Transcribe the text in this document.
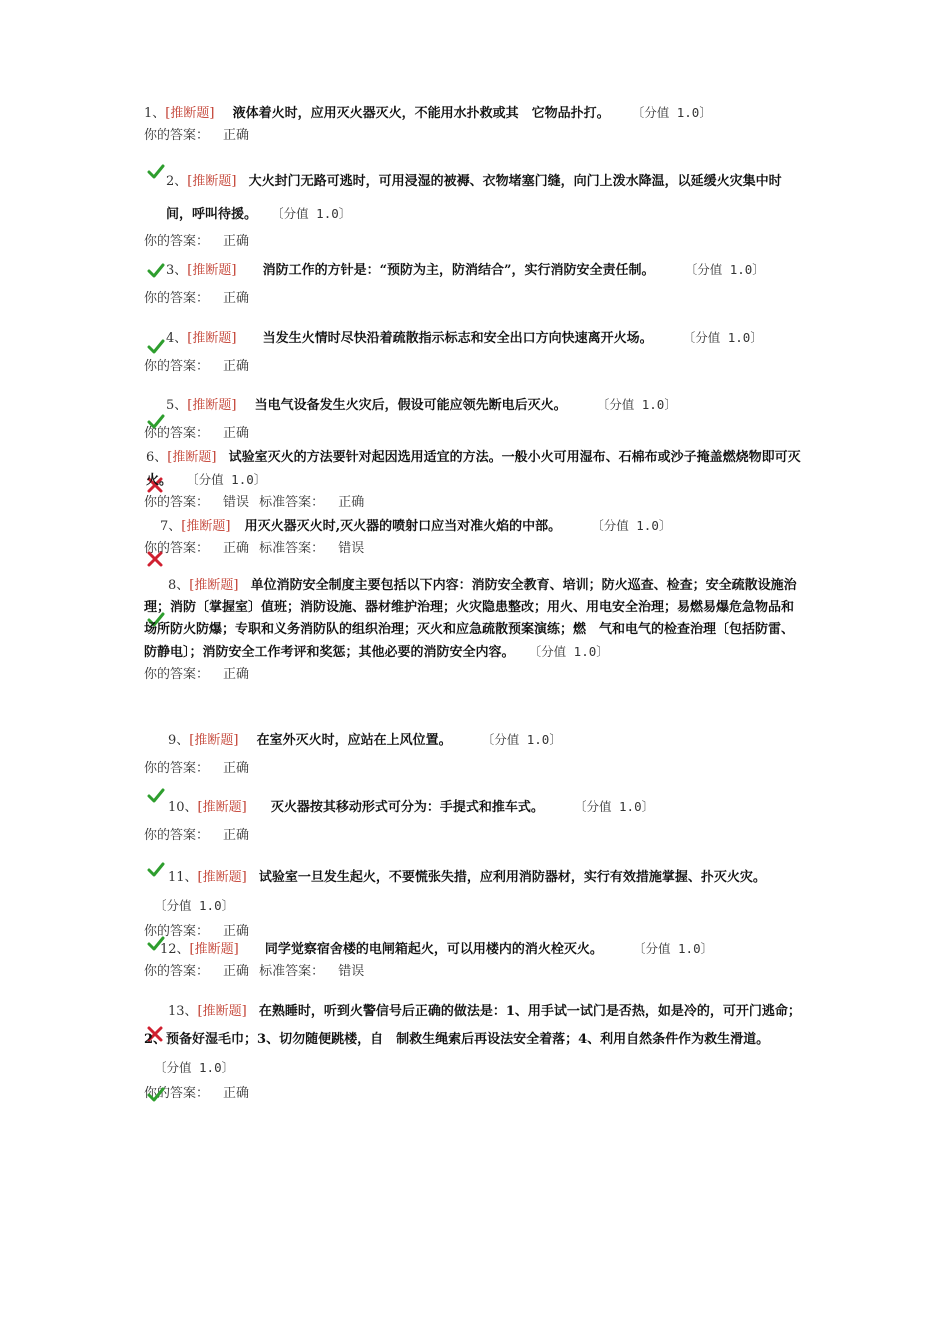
1、[推断题] 液体着火时，应用灭火器灭火，不能用水扑救或其　它物品扑打。 〔分值 1.0〕
你的答案： 正确
2、[推断题] 大火封门无路可逃时，可用浸湿的被褥、衣物堵塞门缝，向门上泼水降温，以延缓火灾集中时间，呼叫待援。 〔分值 1.0〕
你的答案： 正确
3、[推断题] 消防工作的方针是：“预防为主，防消结合”，实行消防安全责任制。 〔分值 1.0〕
你的答案： 正确
4、[推断题] 当发生火情时尽快沿着疏散指示标志和安全出口方向快速离开火场。 〔分值 1.0〕
你的答案： 正确
5、[推断题] 当电气设备发生火灾后，假设可能应领先断电后灭火。 〔分值 1.0〕
你的答案： 正确
6、[推断题] 试验室灭火的方法要针对起因选用适宜的方法。一般小火可用湿布、石棉布或沙子掩盖燃烧物即可灭火。 〔分值 1.0〕
你的答案： 错误 标准答案： 正确
7、[推断题] 用灭火器灭火时,灭火器的喷射口应当对准火焰的中部。 〔分值 1.0〕
你的答案： 正确 标准答案： 错误
8、[推断题] 单位消防安全制度主要包括以下内容：消防安全教育、培训；防火巡查、检查；安全疏散设施治理；消防〔掌握室〕值班；消防设施、器材维护治理；火灾隐患整改；用火、用电安全治理；易燃易爆危急物品和场所防火防爆；专职和义务消防队的组织治理；灭火和应急疏散预案演练；燃　气和电气的检查治理〔包括防雷、防静电〕；消防安全工作考评和奖惩；其他必要的消防安全内容。 〔分值 1.0〕
你的答案： 正确
9、[推断题] 在室外灭火时，应站在上风位置。 〔分值 1.0〕
你的答案： 正确
10、[推断题] 灭火器按其移动形式可分为：手提式和推车式。 〔分值 1.0〕
你的答案： 正确
11、[推断题] 试验室一旦发生起火，不要慌张失措，应利用消防器材，实行有效措施掌握、扑灭火灾。 〔分值 1.0〕
你的答案： 正确
12、[推断题] 同学觉察宿舍楼的电闸箱起火，可以用楼内的消火栓灭火。 〔分值 1.0〕
你的答案： 正确 标准答案： 错误
13、[推断题] 在熟睡时，听到火警信号后正确的做法是：1、用手试一试门是否热，如是冷的，可开门逃命；2、预备好湿毛巾；3、切勿随便跳楼，自　制救生绳索后再设法安全着落；4、利用自然条件作为救生滑道。 〔分值 1.0〕
你的答案： 正确
